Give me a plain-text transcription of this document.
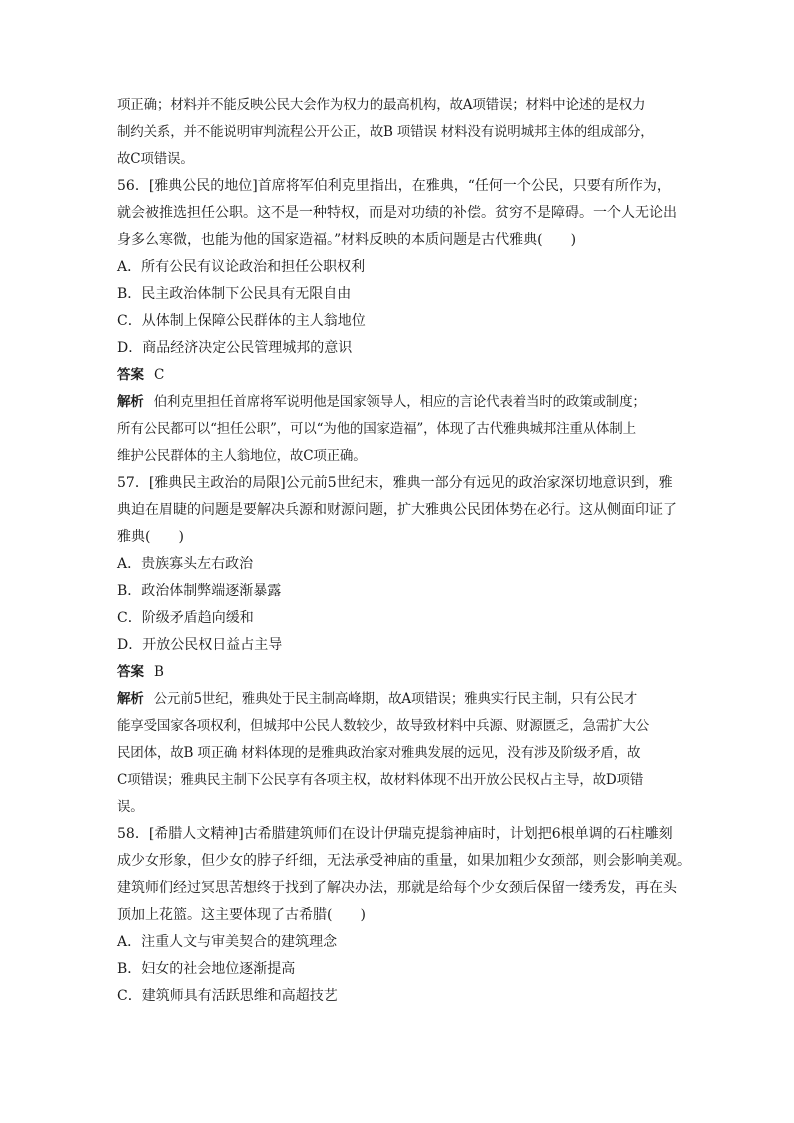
项正确；材料并不能反映公民大会作为权力的最高机构，故A项错误；材料中论述的是权力
制约关系，并不能说明审判流程公开公正，故B 项错误 材料没有说明城邦主体的组成部分，
故C项错误。
56．[雅典公民的地位]首席将军伯利克里指出，在雅典，“任何一个公民，只要有所作为，
就会被推选担任公职。这不是一种特权，而是对功绩的补偿。贫穷不是障碍。一个人无论出
身多么寒微，也能为他的国家造福。”材料反映的本质问题是古代雅典(　　)
A．所有公民有议论政治和担任公职权利
B．民主政治体制下公民具有无限自由
C．从体制上保障公民群体的主人翁地位
D．商品经济决定公民管理城邦的意识
答案 C
解析 伯利克里担任首席将军说明他是国家领导人，相应的言论代表着当时的政策或制度；
所有公民都可以“担任公职”，可以“为他的国家造福”，体现了古代雅典城邦注重从体制上
维护公民群体的主人翁地位，故C项正确。
57．[雅典民主政治的局限]公元前5世纪末，雅典一部分有远见的政治家深切地意识到，雅
典迫在眉睫的问题是要解决兵源和财源问题，扩大雅典公民团体势在必行。这从侧面印证了
雅典(　　)
A．贵族寡头左右政治
B．政治体制弊端逐渐暴露
C．阶级矛盾趋向缓和
D．开放公民权日益占主导
答案 B
解析 公元前5世纪，雅典处于民主制高峰期，故A项错误；雅典实行民主制，只有公民才
能享受国家各项权利，但城邦中公民人数较少，故导致材料中兵源、财源匮乏，急需扩大公
民团体，故B 项正确 材料体现的是雅典政治家对雅典发展的远见，没有涉及阶级矛盾，故
C项错误；雅典民主制下公民享有各项主权，故材料体现不出开放公民权占主导，故D项错
误。
58．[希腊人文精神]古希腊建筑师们在设计伊瑞克提翁神庙时，计划把6根单调的石柱雕刻
成少女形象，但少女的脖子纤细，无法承受神庙的重量，如果加粗少女颈部，则会影响美观。
建筑师们经过冥思苦想终于找到了解决办法，那就是给每个少女颈后保留一缕秀发，再在头
顶加上花篮。这主要体现了古希腊(　　)
A．注重人文与审美契合的建筑理念
B．妇女的社会地位逐渐提高
C．建筑师具有活跃思维和高超技艺
